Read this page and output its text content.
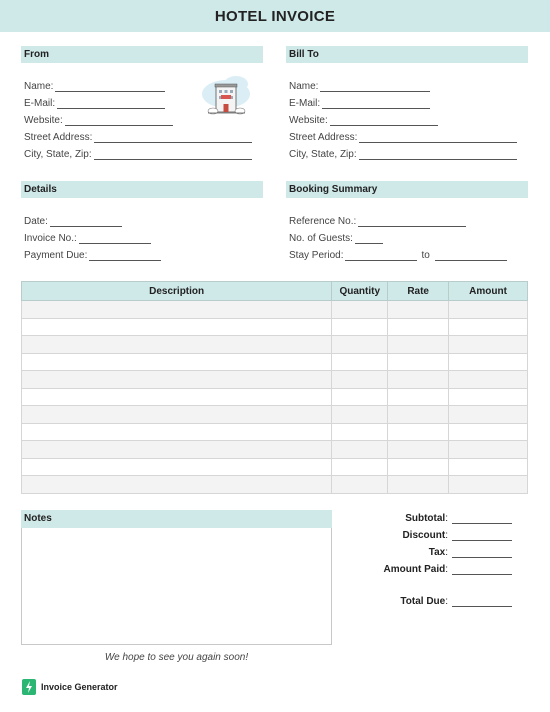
HOTEL INVOICE
From
Name:
E-Mail:
Website:
Street Address:
City, State, Zip:
Bill To
Name:
E-Mail:
Website:
Street Address:
City, State, Zip:
Details
Date:
Invoice No.:
Payment Due:
Booking Summary
Reference No.:
No. of Guests:
Stay Period:	to
Description	Quantity	Rate	Amount

Notes	Subtotal :
Discount :
Tax :
Amount Paid :
Total Due :
We hope to see you again soon!
Invoice Generator
